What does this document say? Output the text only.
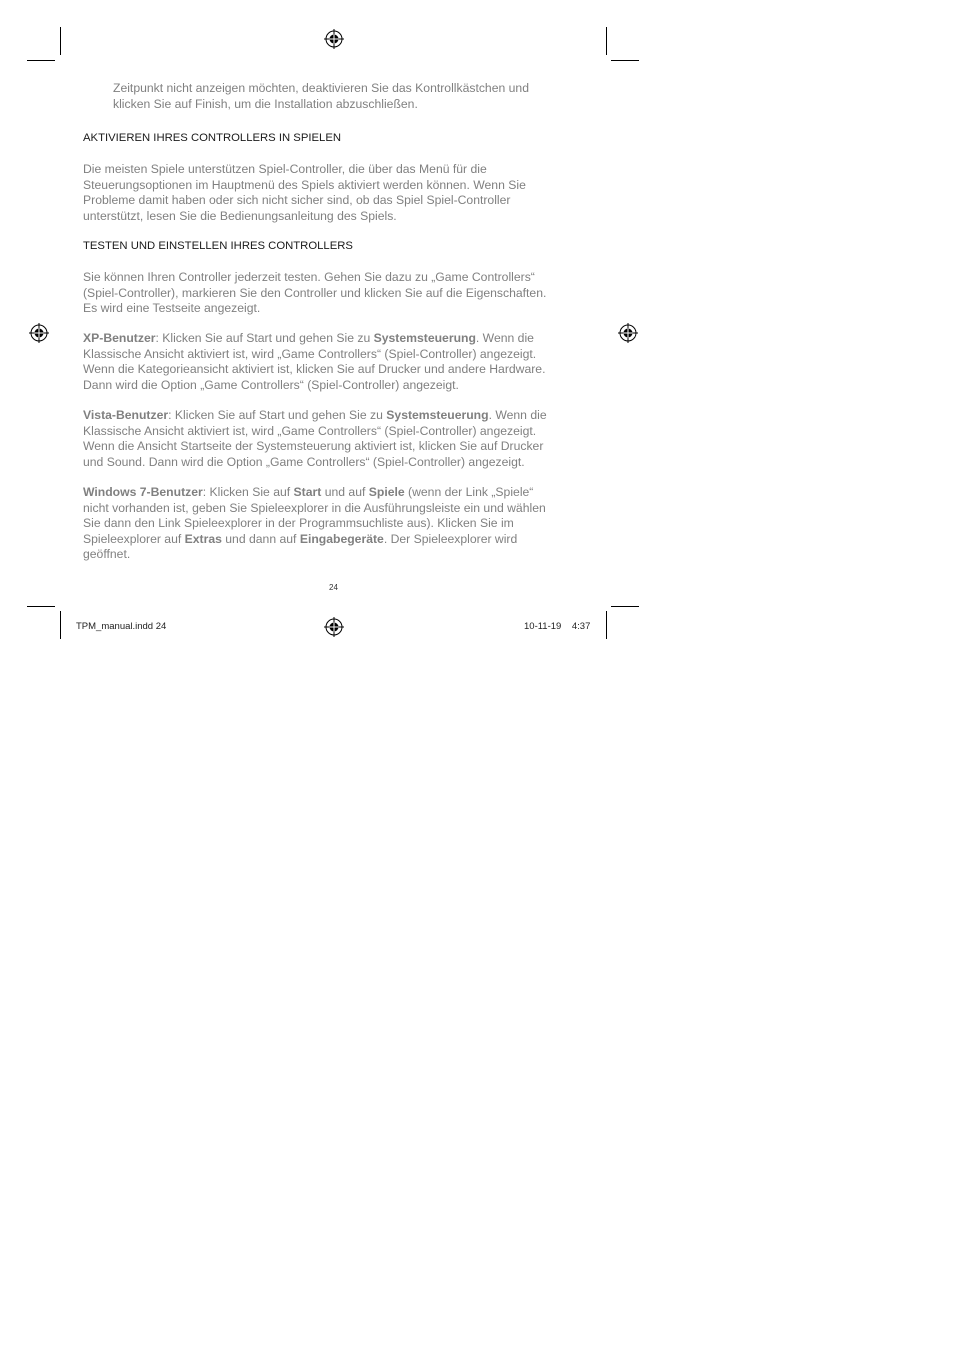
Zeitpunkt nicht anzeigen möchten, deaktivieren Sie das Kontrollkästchen und

klicken Sie auf Finish, um die Installation abzuschließen.

AKTIVIEREN IHRES CONTROLLERS IN SPIELEN

Die meisten Spiele unterstützen Spiel-Controller, die über das Menü für die

Steuerungsoptionen im Hauptmenü des Spiels aktiviert werden können. Wenn Sie

Probleme damit haben oder sich nicht sicher sind, ob das Spiel Spiel-Controller

unterstützt, lesen Sie die Bedienungsanleitung des Spiels.

TESTEN UND EINSTELLEN IHRES CONTROLLERS

Sie können Ihren Controller jederzeit testen. Gehen Sie dazu zu „Game Controllers“

(Spiel-Controller), markieren Sie den Controller und klicken Sie auf die Eigenschaften.

Es wird eine Testseite angezeigt.

XP-Benutzer: Klicken Sie auf Start und gehen Sie zu Systemsteuerung. Wenn die

Klassische Ansicht aktiviert ist, wird „Game Controllers“ (Spiel-Controller) angezeigt.

Wenn die Kategorieansicht aktiviert ist, klicken Sie auf Drucker und andere Hardware.

Dann wird die Option „Game Controllers“ (Spiel-Controller) angezeigt.

Vista-Benutzer: Klicken Sie auf Start und gehen Sie zu Systemsteuerung. Wenn die

Klassische Ansicht aktiviert ist, wird „Game Controllers“ (Spiel-Controller) angezeigt.

Wenn die Ansicht Startseite der Systemsteuerung aktiviert ist, klicken Sie auf Drucker

und Sound. Dann wird die Option „Game Controllers“ (Spiel-Controller) angezeigt.

Windows 7-Benutzer: Klicken Sie auf Start und auf Spiele (wenn der Link „Spiele“

nicht vorhanden ist, geben Sie Spieleexplorer in die Ausführungsleiste ein und wählen

Sie dann den Link Spieleexplorer in der Programmsuchliste aus). Klicken Sie im

Spieleexplorer auf Extras und dann auf Eingabegeräte. Der Spieleexplorer wird

geöffnet.

24
TPM_manual.indd 24	10-11-19    4:37
